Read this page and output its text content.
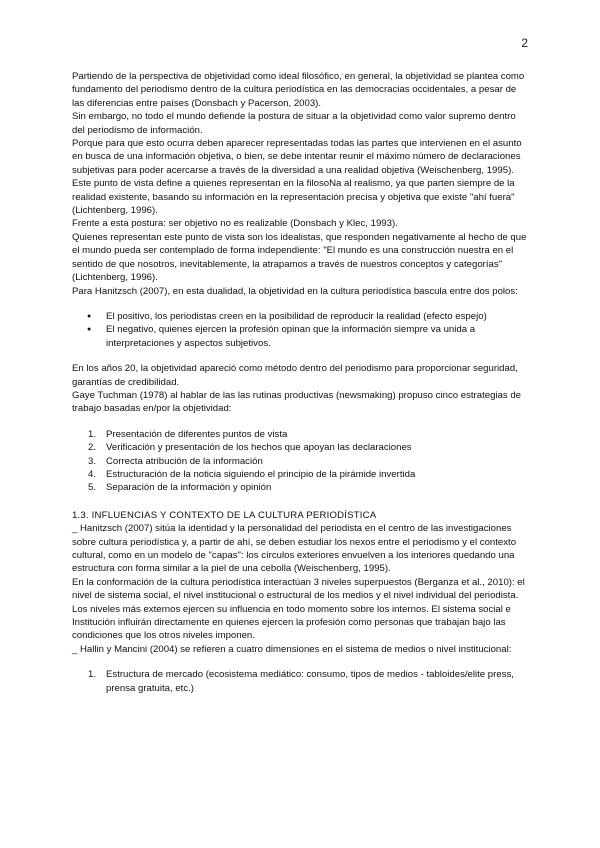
2

Partiendo de la perspectiva de objetividad como ideal filosófico, en general, la objetividad se plantea como fundamento del periodismo dentro de la cultura periodística en las democracias occidentales, a pesar de las diferencias entre países (Donsbach y Pacerson, 2003).

Sin embargo, no todo el mundo defiende la postura de situar a la objetividad como valor supremo dentro del periodismo de información.

Porque para que esto ocurra deben aparecer representadas todas las partes que intervienen en el asunto en busca de una información objetiva, o bien, se debe intentar reunir el máximo número de declaraciones subjetivas para poder acercarse a través de la diversidad a una realidad objetiva (Weischenberg, 1995).

Este punto de vista define a quienes representan en la filosoNa al realismo, ya que parten siempre de la realidad existente, basando su información en la representación precisa y objetiva que existe "ahí fuera" (Lichtenberg, 1996).

Frente a esta postura: ser objetivo no es realizable (Donsbach y Klec, 1993).

Quienes representan este punto de vista son los idealistas, que responden negativamente al hecho de que el mundo pueda ser contemplado de forma independiente: "El mundo es una construcción nuestra en el sentido de que nosotros, inevitablemente, la atrapamos a través de nuestros conceptos y categorías" (Lichtenberg, 1996).

Para Hanitzsch (2007), en esta dualidad, la objetividad en la cultura periodística bascula entre dos polos:

● El positivo, los periodistas creen en la posibilidad de reproducir la realidad (efecto espejo)
● El negativo, quienes ejercen la profesión opinan que la información siempre va unida a interpretaciones y aspectos subjetivos.

En los años 20, la objetividad apareció como método dentro del periodismo para proporcionar seguridad, garantías de credibilidad.

Gaye Tuchman (1978) al hablar de las las rutinas productivas (newsmaking) propuso cinco estrategias de trabajo basadas en/por la objetividad:

1. Presentación de diferentes puntos de vista
2. Verificación y presentación de los hechos que apoyan las declaraciones
3. Correcta atribución de la información
4. Estructuración de la noticia siguiendo el principio de la pirámide invertida
5. Separación de la información y opinión

1.3. INFLUENCIAS Y CONTEXTO DE LA CULTURA PERIODÍSTICA

_ Hanitzsch (2007) sitúa la identidad y la personalidad del periodista en el centro de las investigaciones sobre cultura periodística y, a partir de ahí, se deben estudiar los nexos entre el periodismo y el contexto cultural, como en un modelo de "capas": los círculos exteriores envuelven a los interiores quedando una estructura con forma similar a la piel de una cebolla (Weischenberg, 1995).

En la conformación de la cultura periodística interactúan 3 niveles superpuestos (Berganza et al., 2010): el nivel de sistema social, el nivel institucional o estructural de los medios y el nivel individual del periodista.

Los niveles más externos ejercen su influencia en todo momento sobre los internos. El sistema social e Institución influirán directamente en quienes ejercen la profesión como personas que trabajan bajo las condiciones que los otros niveles imponen.

_ Hallin y Mancini (2004) se refieren a cuatro dimensiones en el sistema de medios o nivel institucional:

1. Estructura de mercado (ecosistema mediático: consumo, tipos de medios - tabloides/elite press, prensa gratuita, etc.)
